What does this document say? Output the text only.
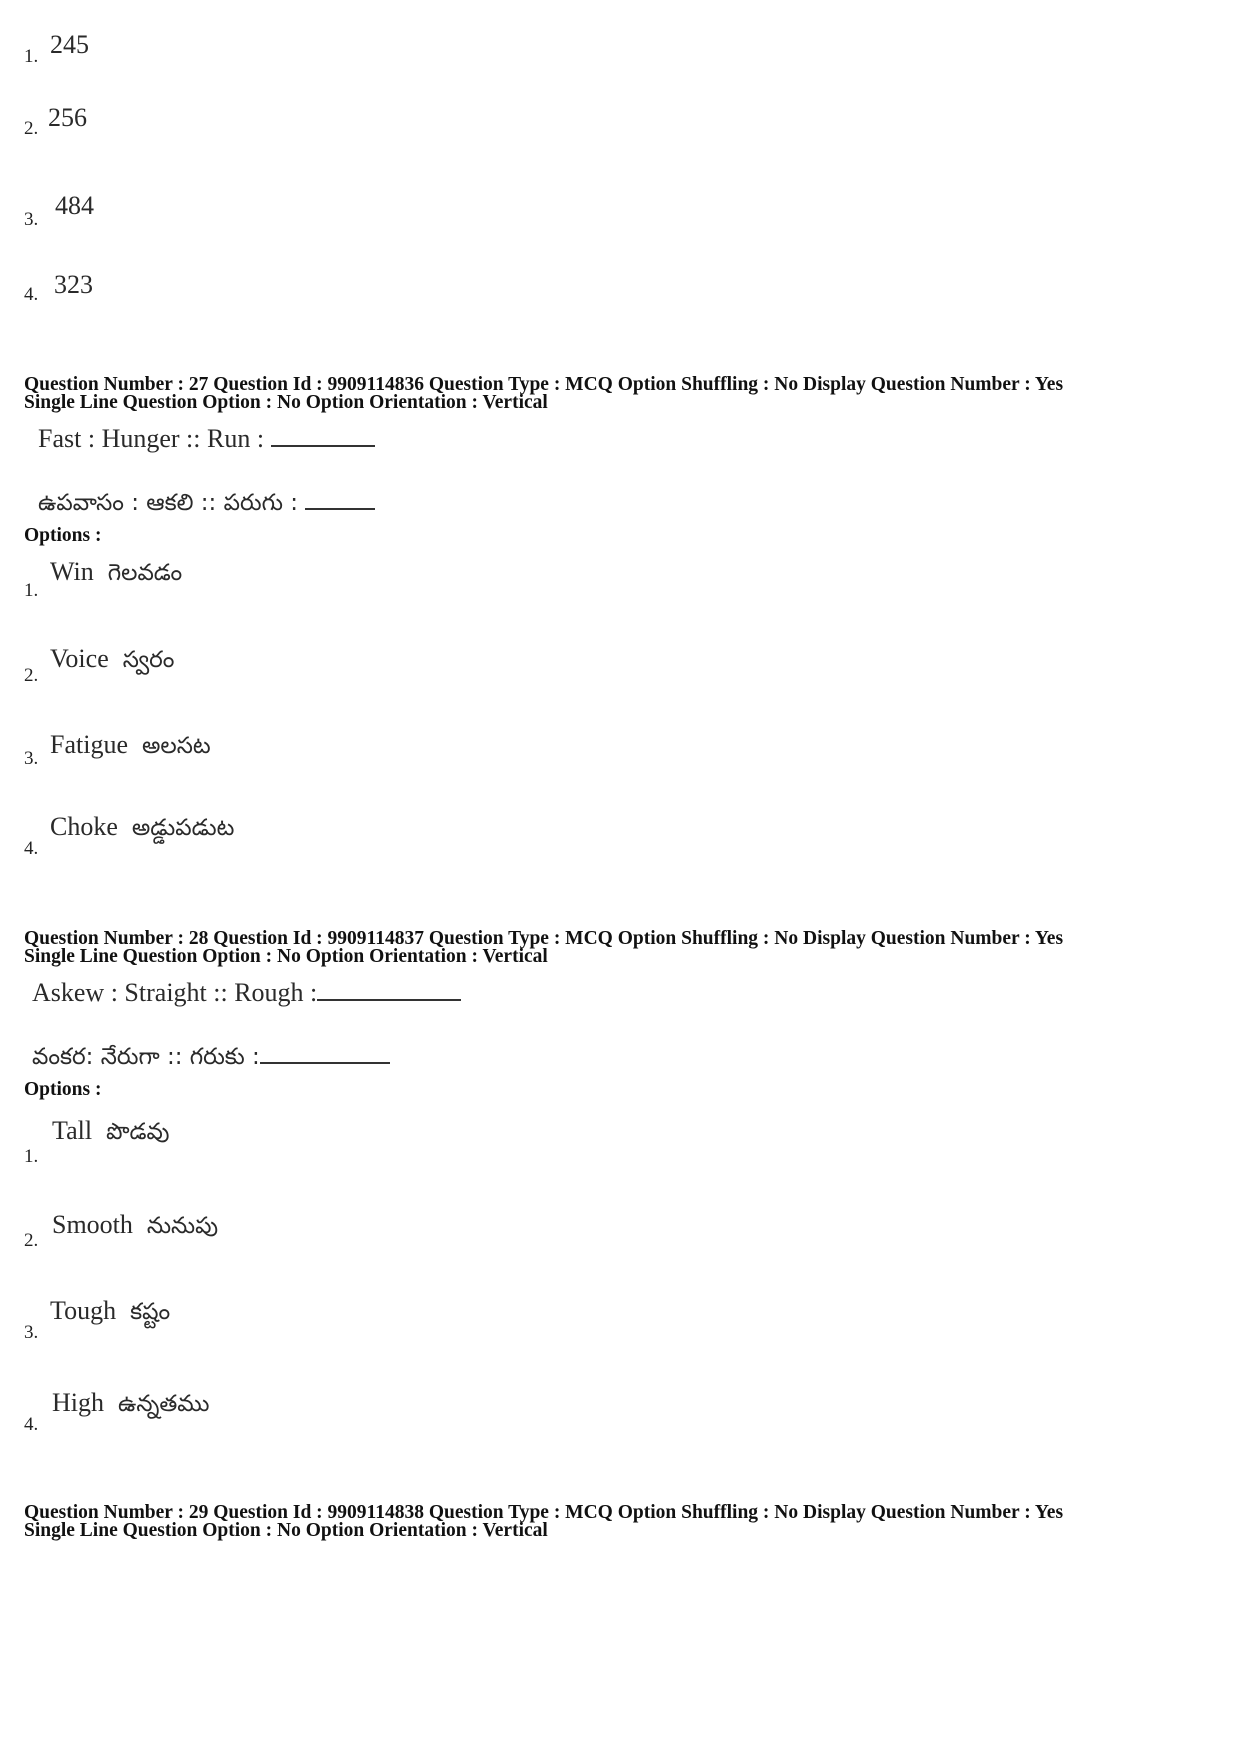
1. 245
2. 256
3. 484
4. 323
Question Number : 27 Question Id : 9909114836 Question Type : MCQ Option Shuffling : No Display Question Number : Yes
Single Line Question Option : No Option Orientation : Vertical
Fast : Hunger :: Run :
ఉపవాసం : ఆకలి :: పరుగు :
Options :
1.
Win గెలవడం
2.
Voice స్వరం
3. Fatigue అలసట
4.
Choke అడ్డుపడుట
Question Number : 28 Question Id : 9909114837 Question Type : MCQ Option Shuffling : No Display Question Number : Yes
Single Line Question Option : No Option Orientation : Vertical
Askew : Straight :: Rough :
వంకర: నేరుగా :: గరుకు :
Options :
1.
Tall పొడవు
2.
Smooth నునుపు
3.
Tough కష్టం
4.
High ఉన్నతము
Question Number : 29 Question Id : 9909114838 Question Type : MCQ Option Shuffling : No Display Question Number : Yes
Single Line Question Option : No Option Orientation : Vertical
